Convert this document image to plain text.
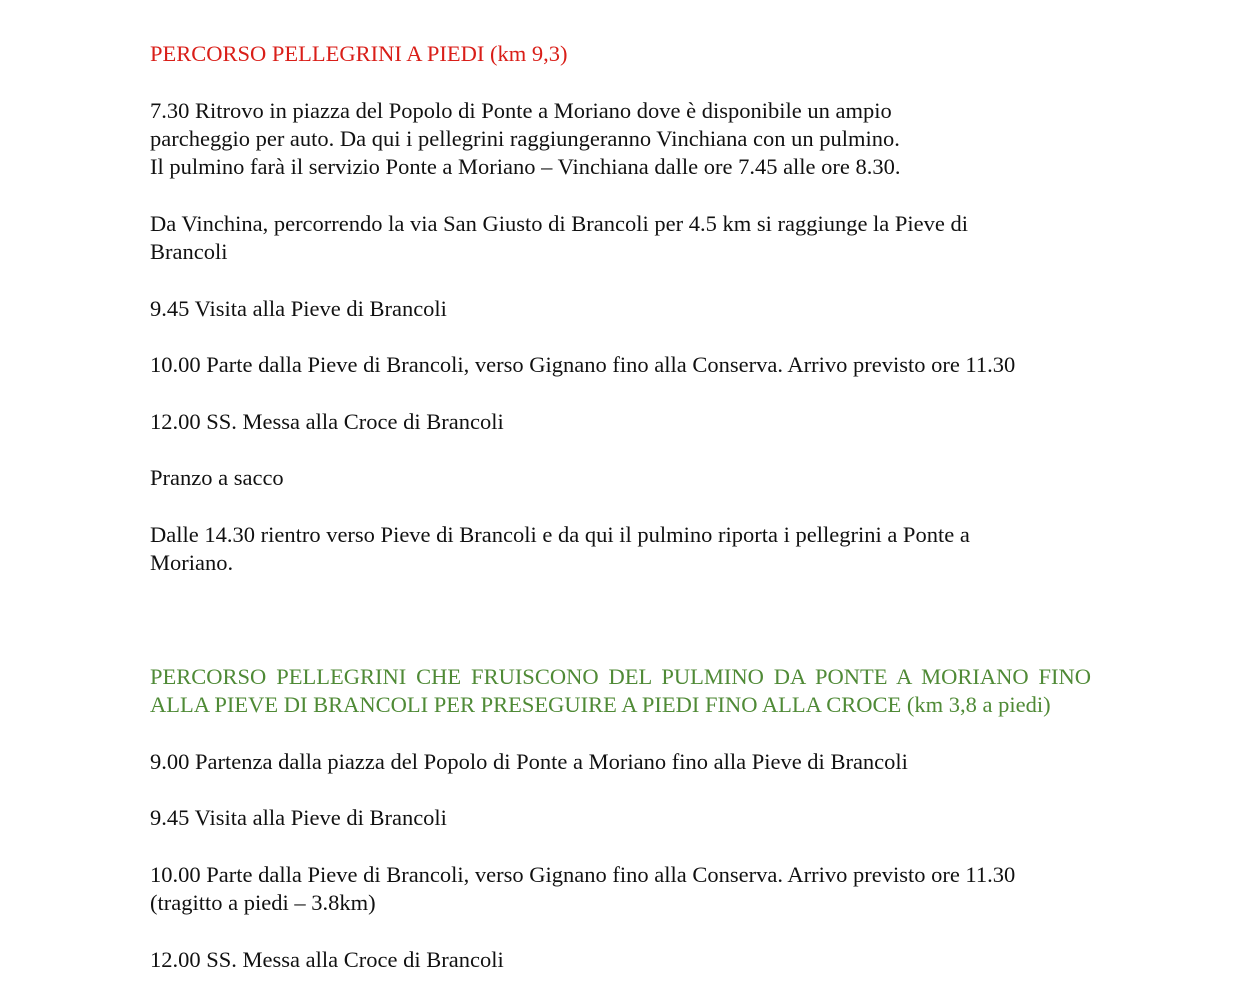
PERCORSO PELLEGRINI A PIEDI (km 9,3)

7.30 Ritrovo in piazza del Popolo di Ponte a Moriano dove è disponibile un ampio
parcheggio per auto. Da qui i pellegrini raggiungeranno Vinchiana con un pulmino.
Il pulmino farà il servizio Ponte a Moriano – Vinchiana dalle ore 7.45 alle ore 8.30.

Da Vinchina, percorrendo la via San Giusto di Brancoli per 4.5 km si raggiunge la Pieve di
Brancoli

9.45 Visita alla Pieve di Brancoli

10.00 Parte dalla Pieve di Brancoli, verso Gignano fino alla Conserva. Arrivo previsto ore 11.30

12.00 SS. Messa alla Croce di Brancoli

Pranzo a sacco

Dalle 14.30 rientro verso Pieve di Brancoli e da qui il pulmino riporta i pellegrini a Ponte a
Moriano.

PERCORSO PELLEGRINI CHE FRUISCONO DEL PULMINO DA PONTE A MORIANO FINO ALLA PIEVE DI BRANCOLI PER PRESEGUIRE A PIEDI FINO ALLA CROCE (km 3,8 a piedi)

9.00 Partenza dalla piazza del Popolo di Ponte a Moriano fino alla Pieve di Brancoli

9.45 Visita alla Pieve di Brancoli

10.00 Parte dalla Pieve di Brancoli, verso Gignano fino alla Conserva. Arrivo previsto ore 11.30
(tragitto a piedi – 3.8km)

12.00 SS. Messa alla Croce di Brancoli
